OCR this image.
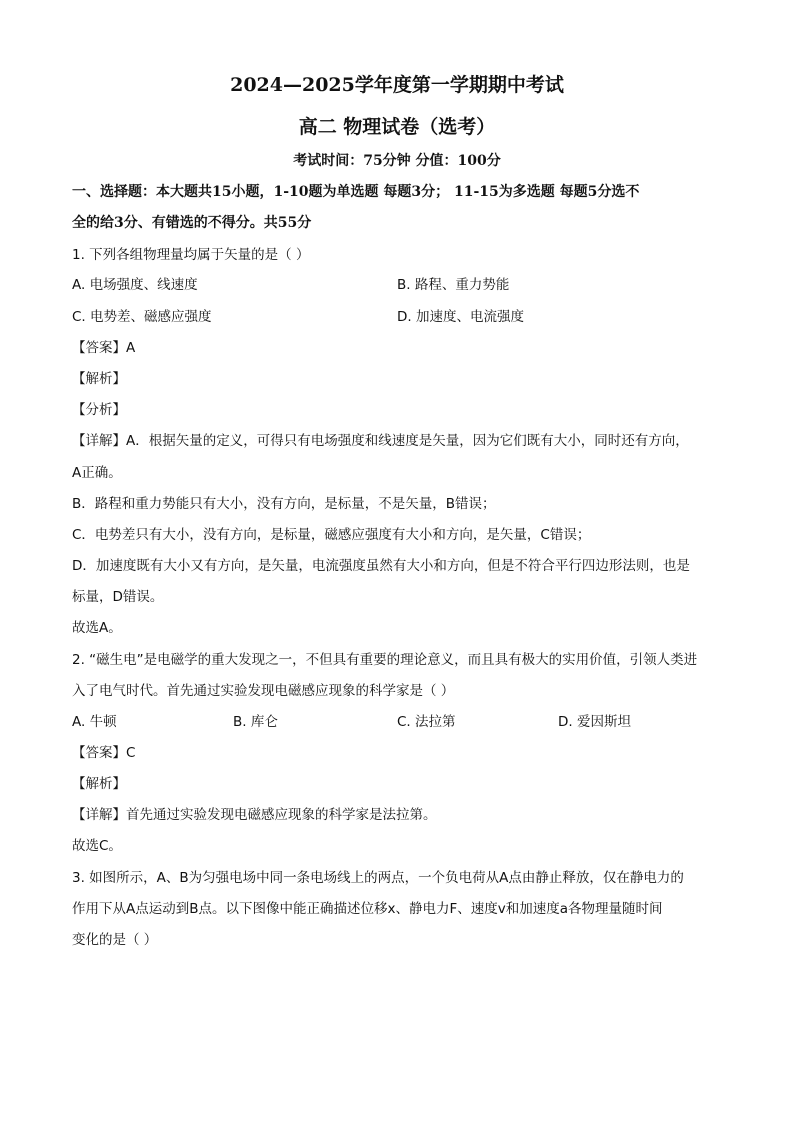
2024—2025学年度第一学期期中考试
高二 物理试卷（选考）
考试时间：75分钟 分值：100分
一、选择题：本大题共15小题，1-10题为单选题 每题3分； 11-15为多选题 每题5分选不
全的给3分、有错选的不得分。共55分
1. 下列各组物理量均属于矢量的是（ ）
A. 电场强度、线速度	B. 路程、重力势能
C. 电势差、磁感应强度	D. 加速度、电流强度
【答案】A
【解析】
【分析】
【详解】A．根据矢量的定义，可得只有电场强度和线速度是矢量，因为它们既有大小，同时还有方向，
A正确。
B．路程和重力势能只有大小，没有方向，是标量，不是矢量，B错误；
C．电势差只有大小，没有方向，是标量，磁感应强度有大小和方向，是矢量，C错误；
D．加速度既有大小又有方向，是矢量，电流强度虽然有大小和方向，但是不符合平行四边形法则，也是
标量，D错误。
故选A。
2. “磁生电”是电磁学的重大发现之一，不但具有重要的理论意义，而且具有极大的实用价值，引领人类进
入了电气时代。首先通过实验发现电磁感应现象的科学家是（ ）
A. 牛顿	B. 库仑	C. 法拉第	D. 爱因斯坦
【答案】C
【解析】
【详解】首先通过实验发现电磁感应现象的科学家是法拉第。
故选C。
3. 如图所示，A、B为匀强电场中同一条电场线上的两点，一个负电荷从A点由静止释放，仅在静电力的
作用下从A点运动到B点。以下图像中能正确描述位移x、静电力F、速度v和加速度a各物理量随时间
变化的是（ ）
